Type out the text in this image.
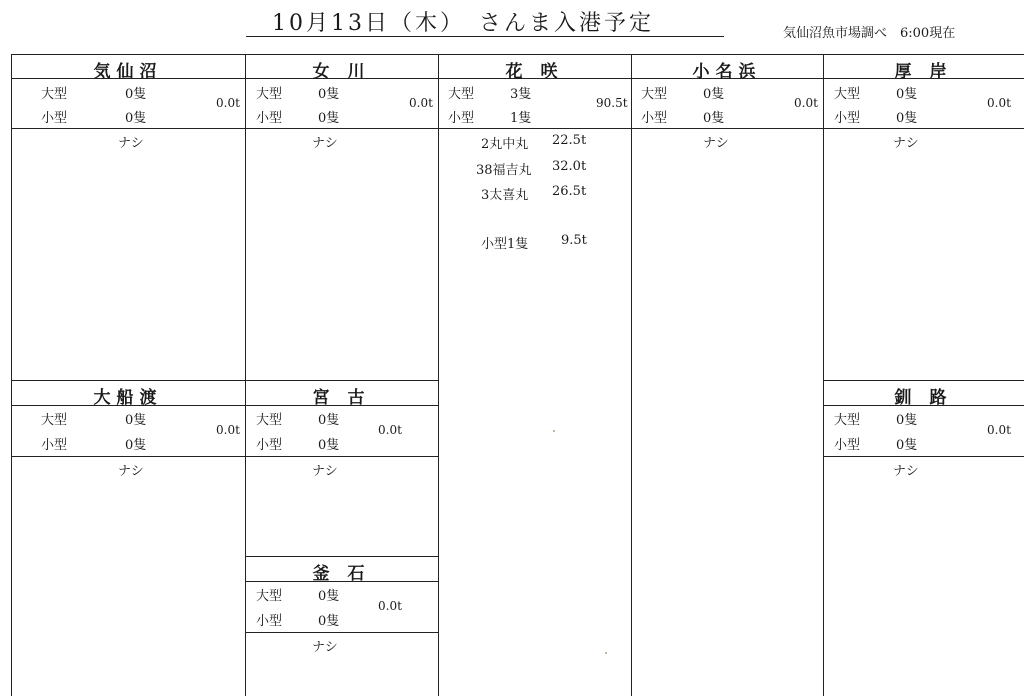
10月13日（木）　さんま入港予定	気仙沼魚市場調べ　6:00現在
気仙沼
大型	0隻
小型	0隻
0.0t
ナシ
女 川
大型	0隻
小型	0隻
0.0t
ナシ
花 咲
大型	3隻
小型	1隻
90.5t
2丸中丸 22.5t
38福吉丸 32.0t
3太喜丸 26.5t
小型1隻	9.5t
小名浜
大型	0隻
小型	0隻
0.0t
ナシ
厚 岸
大型	0隻
小型	0隻
0.0t
ナシ
大船渡
大型	0隻
小型	0隻
0.0t
ナシ
宮 古
大型	0隻
小型	0隻
0.0t
ナシ
釧 路
大型	0隻
小型	0隻
0.0t
ナシ
釜 石
大型	0隻
小型	0隻
0.0t
ナシ
